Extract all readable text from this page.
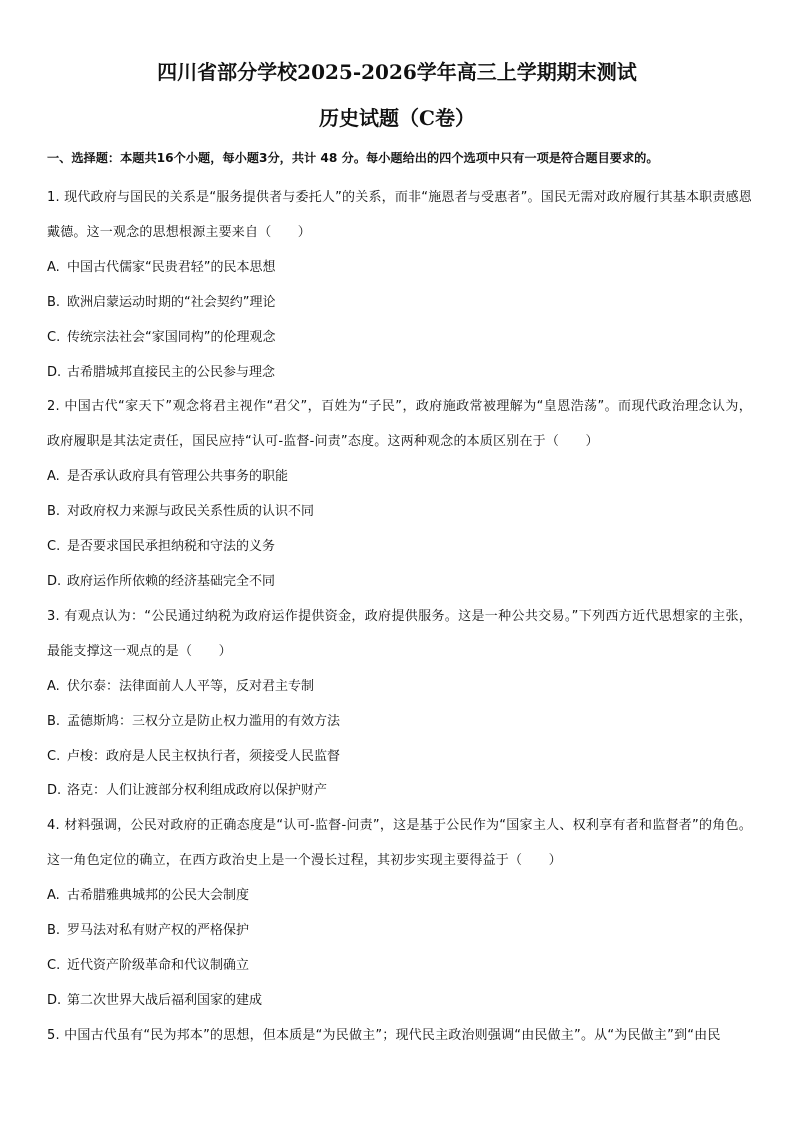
四川省部分学校2025-2026学年高三上学期期末测试
历史试题（C卷）
一、选择题：本题共16个小题，每小题3分，共计 48 分。每小题给出的四个选项中只有一项是符合题目要求的。
1. 现代政府与国民的关系是“服务提供者与委托人”的关系，而非“施恩者与受惠者”。国民无需对政府履行其基本职责感恩戴德。这一观念的思想根源主要来自（　　）
A. 中国古代儒家“民贵君轻”的民本思想
B. 欧洲启蒙运动时期的“社会契约”理论
C. 传统宗法社会“家国同构”的伦理观念
D. 古希腊城邦直接民主的公民参与理念
2. 中国古代“家天下”观念将君主视作“君父”，百姓为“子民”，政府施政常被理解为“皇恩浩荡”。而现代政治理念认为，政府履职是其法定责任，国民应持“认可-监督-问责”态度。这两种观念的本质区别在于（　　）
A. 是否承认政府具有管理公共事务的职能
B. 对政府权力来源与政民关系性质的认识不同
C. 是否要求国民承担纳税和守法的义务
D. 政府运作所依赖的经济基础完全不同
3. 有观点认为：“公民通过纳税为政府运作提供资金，政府提供服务。这是一种公共交易。”下列西方近代思想家的主张，最能支撑这一观点的是（　　）
A. 伏尔泰：法律面前人人平等，反对君主专制
B. 孟德斯鸠：三权分立是防止权力滥用的有效方法
C. 卢梭：政府是人民主权执行者，须接受人民监督
D. 洛克：人们让渡部分权利组成政府以保护财产
4. 材料强调，公民对政府的正确态度是“认可-监督-问责”，这是基于公民作为“国家主人、权利享有者和监督者”的角色。这一角色定位的确立，在西方政治史上是一个漫长过程，其初步实现主要得益于（　　）
A. 古希腊雅典城邦的公民大会制度
B. 罗马法对私有财产权的严格保护
C. 近代资产阶级革命和代议制确立
D. 第二次世界大战后福利国家的建成
5. 中国古代虽有“民为邦本”的思想，但本质是“为民做主”；现代民主政治则强调“由民做主”。从“为民做主”到“由民
